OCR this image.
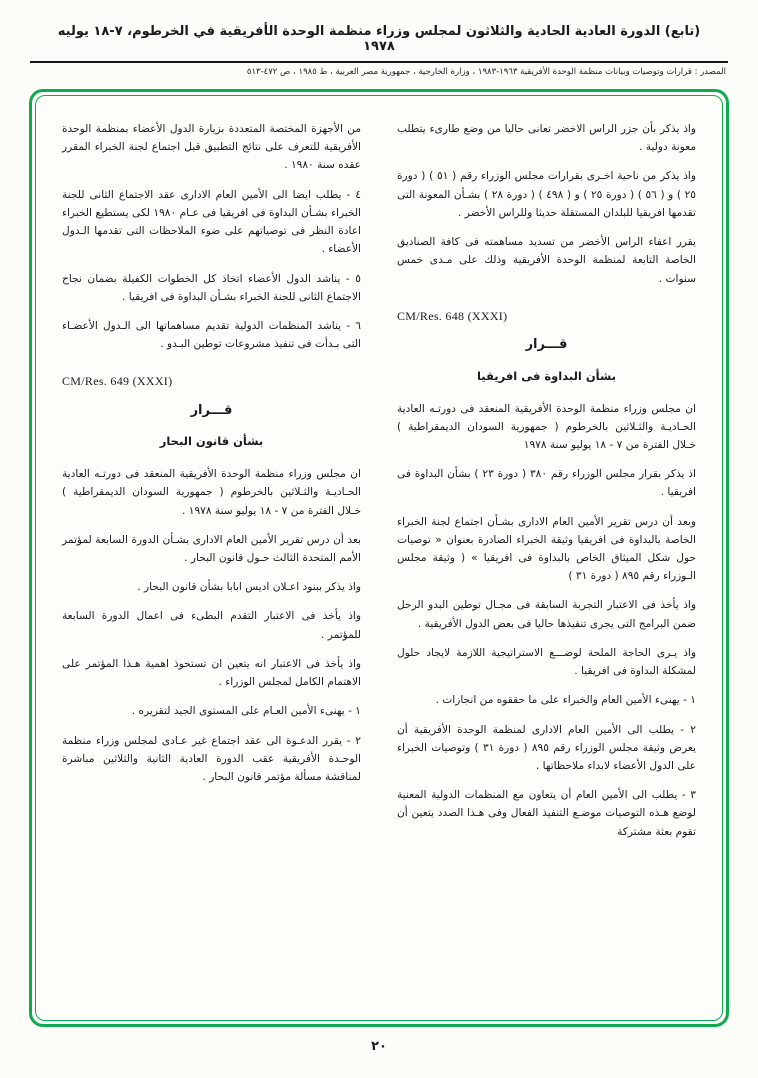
(تابع) الدورة العادية الحادية والثلاثون لمجلس وزراء منظمة الوحدة الأفريقية في الخرطوم، ٧-١٨ يوليه ١٩٧٨
المصدر : قرارات وتوصيات وبيانات منظمة الوحدة الأفريقية ١٩٦٣-١٩٨٣ ، وزارة الخارجية ، جمهورية مصر العربية ، ط ١٩٨٥ ، ص ٤٧٢-٥١٣

واذ يذكر بأن جزر الراس الاخضر تعانى حاليا من وضع طارىء يتطلب معونة دولية .

واذ يذكر من ناحية اخـرى بقرارات مجلس الوزراء رقم ( ٥١ ) ( دورة ٢٥ ) و ( ٥٦ ) ( دورة ٢٥ ) و ( ٤٩٨ ) ( دورة ٢٨ ) بشـأن المعونة التى تقدمها افريقيا للبلدان المستقلة حديثا وللراس الأخضر .

يقرر اعفاء الراس الأخضر من تسديد مساهمته فى كافة الصناديق الخاصة التابعة لمنظمة الوحدة الأفريقية وذلك على مـدى خمس سنوات .

CM/Res. 648 (XXXI)

قـــرار
بشأن البداوة فى افريقيا

ان مجلس وزراء منظمة الوحدة الأفريقية المنعقد فى دورتـه العادية الحـاديـة والثـلاثين بالخرطوم ( جمهورية السودان الديمقراطية ) خـلال الفترة من ٧ - ١٨ يوليو سنة ١٩٧٨

اذ يذكر بقرار مجلس الوزراء رقم ٣٨٠ ( دورة ٢٣ ) بشأن البداوة فى افريقيا .

وبعد أن درس تقرير الأمين العام الادارى بشـأن اجتماع لجنة الخبراء الخاصة بالبداوة فى افريقيا وثيقة الخبراء الصادرة بعنوان « توصيات حول شكل الميثاق الخاص بالبداوة فى افريقيا » ( وثيقة مجلس الـوزراء رقم ٨٩٥ ( دورة ٣١ )

واذ يأخذ فى الاعتبار التجربة السابقة فى مجـال توطين البدو الرحل ضمن البرامج التى يجرى تنفيذها حاليا فى بعض الدول الأفريقية .

واذ يـرى الحاجة الملحة لوضـــع الاستراتيجية اللازمة لايجاد حلول لمشكلة البداوة فى افريقيا .

١ - يهنىء الأمين العام والخبراء على ما حققوه من انجازات .

٢ - يطلب الى الأمين العام الادارى لمنظمة الوحدة الأفريقية أن يعرض وثيقة مجلس الوزراء رقم ٨٩٥ ( دورة ٣١ ) وتوصيات الخبراء على الدول الأعضاء لابداء ملاحظاتها .

٣ - يطلب الى الأمين العام أن يتعاون مع المنظمات الدولية المعنية لوضع هـذه التوصيات موضـع التنفيذ الفعال وفى هـذا الصدد يتعين أن تقوم بعثة مشتركة

من الأجهزة المختصة المتعددة بزيارة الدول الأعضاء بمنظمة الوحدة الأفريقية للتعرف على نتائج التطبيق قبل اجتماع لجنة الخبراء المقرر عقده سنة ١٩٨٠ .

٤ - يطلب ايضا الى الأمين العام الادارى عقد الاجتماع الثانى للجنة الخبراء بشـأن البداوة فى افريقيا فى عـام ١٩٨٠ لكى يستطيع الخبراء اعادة النظر فى توصياتهم على ضوء الملاحظات التى تقدمها الـدول الأعضاء .

٥ - يناشد الدول الأعضاء اتخاذ كل الخطوات الكفيلة بضمان نجاح الاجتماع الثانى للجنة الخبراء بشـأن البداوة فى افريقيا .

٦ - يناشد المنظمات الدولية تقديم مساهماتها الى الـدول الأعضـاء التى بـدأت فى تنفيذ مشروعات توطين البـدو .

CM/Res. 649 (XXXI)

قـــرار
بشأن قانون البحار

ان مجلس وزراء منظمة الوحدة الأفريقية المنعقد فى دورتـه العادية الحـاديـة والثـلاثين بالخرطوم ( جمهورية السودان الديمقراطية ) خـلال الفترة من ٧ - ١٨ يوليو سنة ١٩٧٨ .

بعد أن درس تقرير الأمين العام الادارى بشـأن الدورة السابعة لمؤتمر الأمم المتحدة الثالث حـول قانون البحار .

واذ يذكر ببنود اعـلان اديس ابابا بشأن قانون البحار .

واذ يأخذ فى الاعتبار التقدم البطىء فى اعمال الدورة السابعة للمؤتمر .

واذ يأخذ فى الاعتبار انه يتعين ان تستحوذ اهمية هـذا المؤتمر على الاهتمام الكامل لمجلس الوزراء .

١ - يهنىء الأمين العـام على المستوى الجيد لتقريره .

٢ - يقرر الدعـوة الى عقد اجتماع غير عـادى لمجلس وزراء منظمة الوحـدة الأفريقية عقب الدورة العادية الثانية والثلاثين مباشرة لمناقشة مسألة مؤتمر قانون البحار .

٢٠
